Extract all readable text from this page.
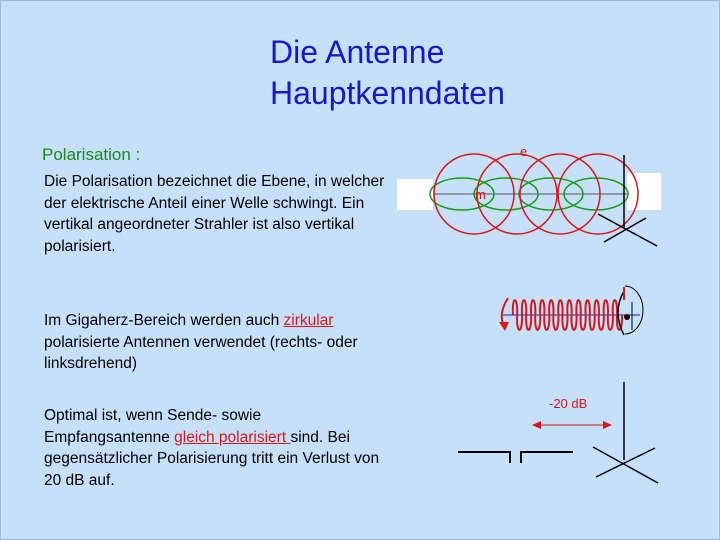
Die Antenne
Hauptkenndaten
Polarisation :
Die Polarisation bezeichnet die Ebene, in welcher der elektrische Anteil einer Welle schwingt. Ein vertikal angeordneter Strahler ist also vertikal polarisiert.
Im Gigaherz-Bereich werden auch zirkular polarisierte Antennen verwendet (rechts- oder linksdrehend)
Optimal ist, wenn Sende- sowie Empfangsantenne gleich polarisiert sind. Bei gegensätzlicher Polarisierung tritt ein Verlust von 20 dB auf.
e
m
-20 dB
